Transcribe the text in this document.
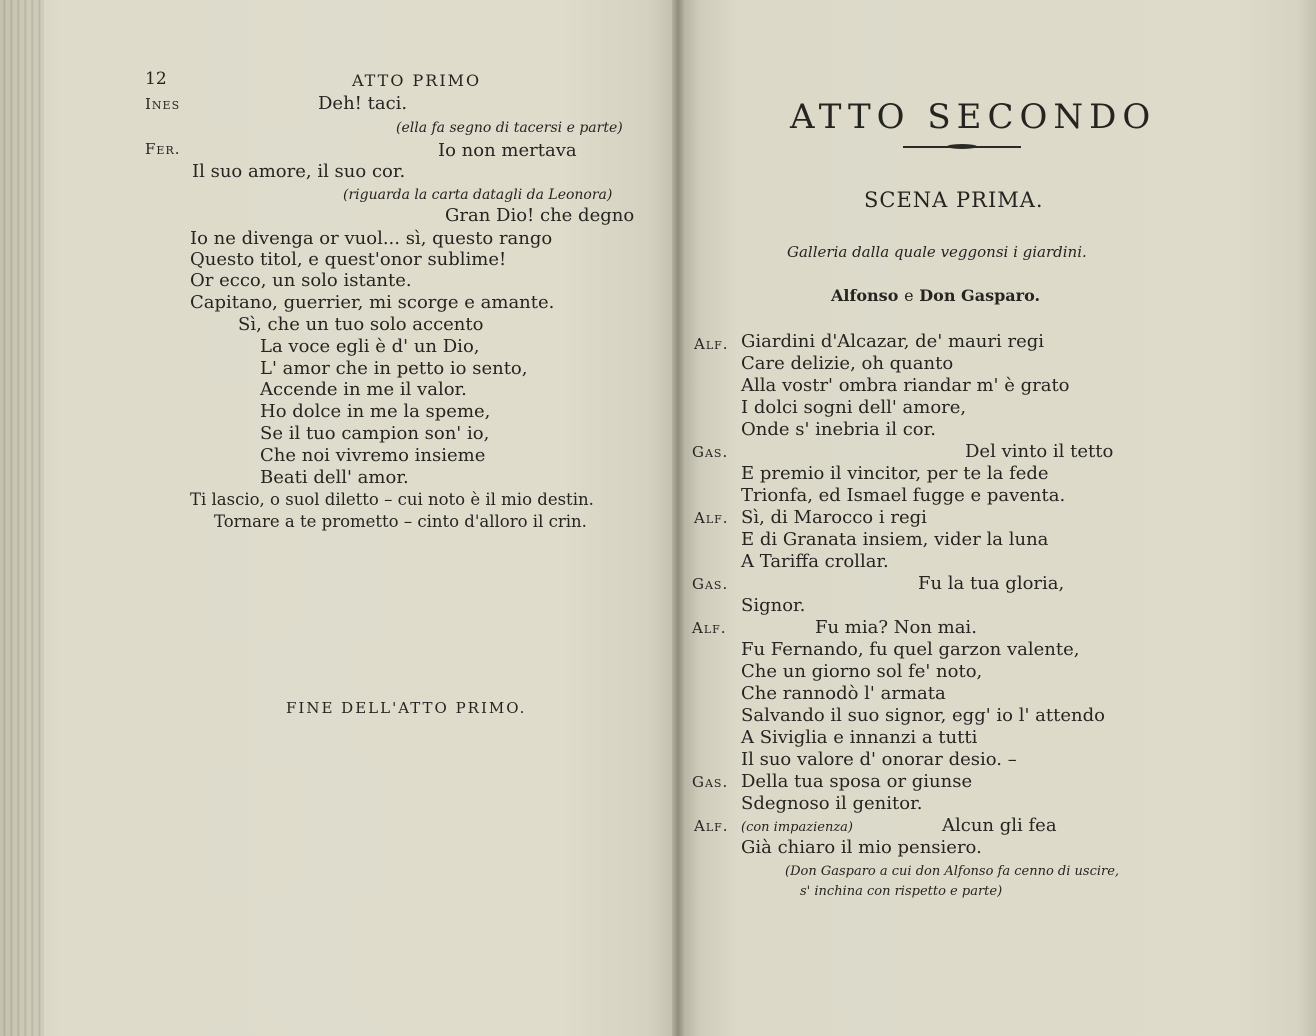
12	ATTO PRIMO
Ines	Deh! taci.
(ella fa segno di tacersi e parte)
Fer.	Io non mertava
Il suo amore, il suo cor.
(riguarda la carta datagli da Leonora)
Gran Dio! che degno
Io ne divenga or vuol... sì, questo rango
Questo titol, e quest'onor sublime!
Or ecco, un solo istante.
Capitano, guerrier, mi scorge e amante.
Sì, che un tuo solo accento
La voce egli è d' un Dio,
L' amor che in petto io sento,
Accende in me il valor.
Ho dolce in me la speme,
Se il tuo campion son' io,
Che noi vivremo insieme
Beati dell' amor.
Ti lascio, o suol diletto – cui noto è il mio destin.
Tornare a te prometto – cinto d'alloro il crin.
FINE DELL'ATTO PRIMO.
ATTO SECONDO
SCENA PRIMA.
Galleria dalla quale veggonsi i giardini.
Alfonso e Don Gasparo.
Alf. Giardini d'Alcazar, de' mauri regi
Care delizie, oh quanto
Alla vostr' ombra riandar m' è grato
I dolci sogni dell' amore,
Onde s' inebria il cor.
Gas.	Del vinto il tetto
E premio il vincitor, per te la fede
Trionfa, ed Ismael fugge e paventa.
Alf. Sì, di Marocco i regi
E di Granata insiem, vider la luna
A Tariffa crollar.
Gas.	Fu la tua gloria,
Signor.
Alf.	Fu mia? Non mai.
Fu Fernando, fu quel garzon valente,
Che un giorno sol fe' noto,
Che rannodò l' armata
Salvando il suo signor, egg' io l' attendo
A Siviglia e innanzi a tutti
Il suo valore d' onorar desio. –
Gas. Della tua sposa or giunse
Sdegnoso il genitor.
Alf. (con impazienza)	Alcun gli fea
Già chiaro il mio pensiero.
(Don Gasparo a cui don Alfonso fa cenno di uscire,
s' inchina con rispetto e parte)
